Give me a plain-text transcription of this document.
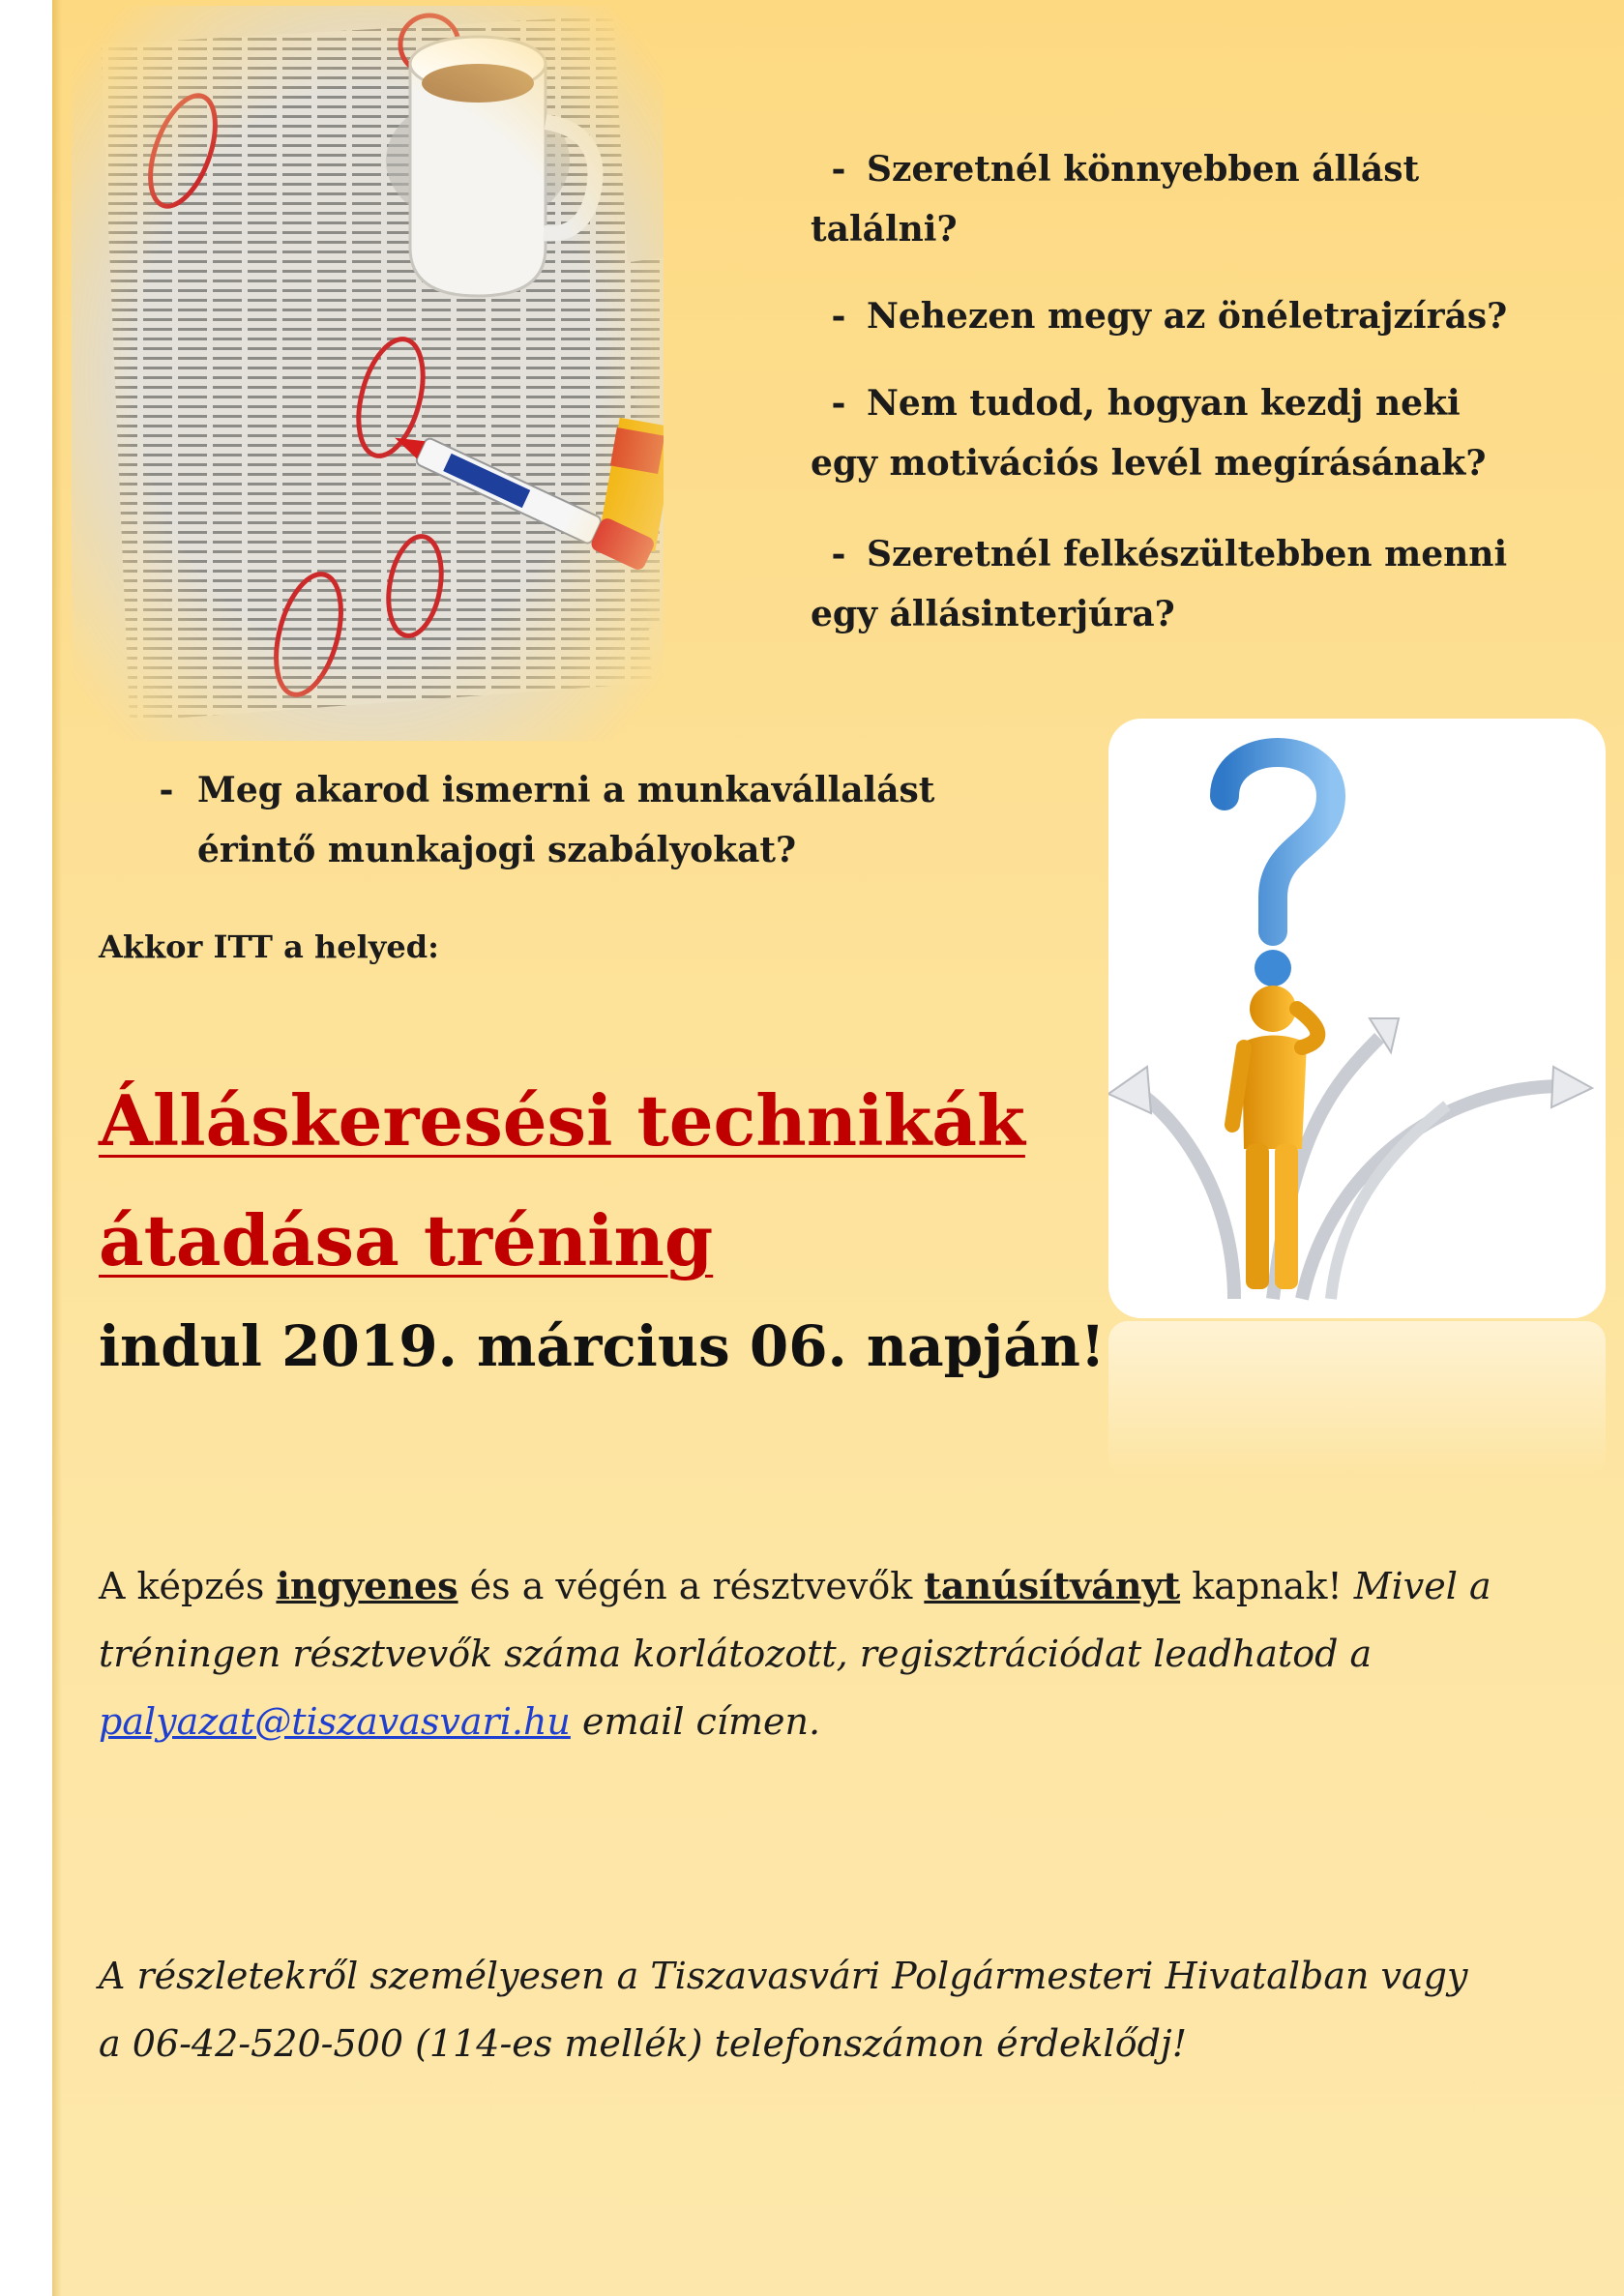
- Szeretnél könnyebben állást
találni?
- Nehezen megy az önéletrajzírás?
- Nem tudod, hogyan kezdj neki
egy motivációs levél megírásának?
- Szeretnél felkészültebben menni
egy állásinterjúra?
- Meg akarod ismerni a munkavállalást
érintő munkajogi szabályokat?
Akkor ITT a helyed:
Álláskeresési technikák
átadása tréning
indul 2019. március 06. napján!
A képzés ingyenes és a végén a résztvevők tanúsítványt kapnak! Mivel a tréningen résztvevők száma korlátozott, regisztrációdat leadhatod a palyazat@tiszavasvari.hu email címen.
A részletekről személyesen a Tiszavasvári Polgármesteri Hivatalban vagy a 06-42-520-500 (114-es mellék) telefonszámon érdeklődj!
